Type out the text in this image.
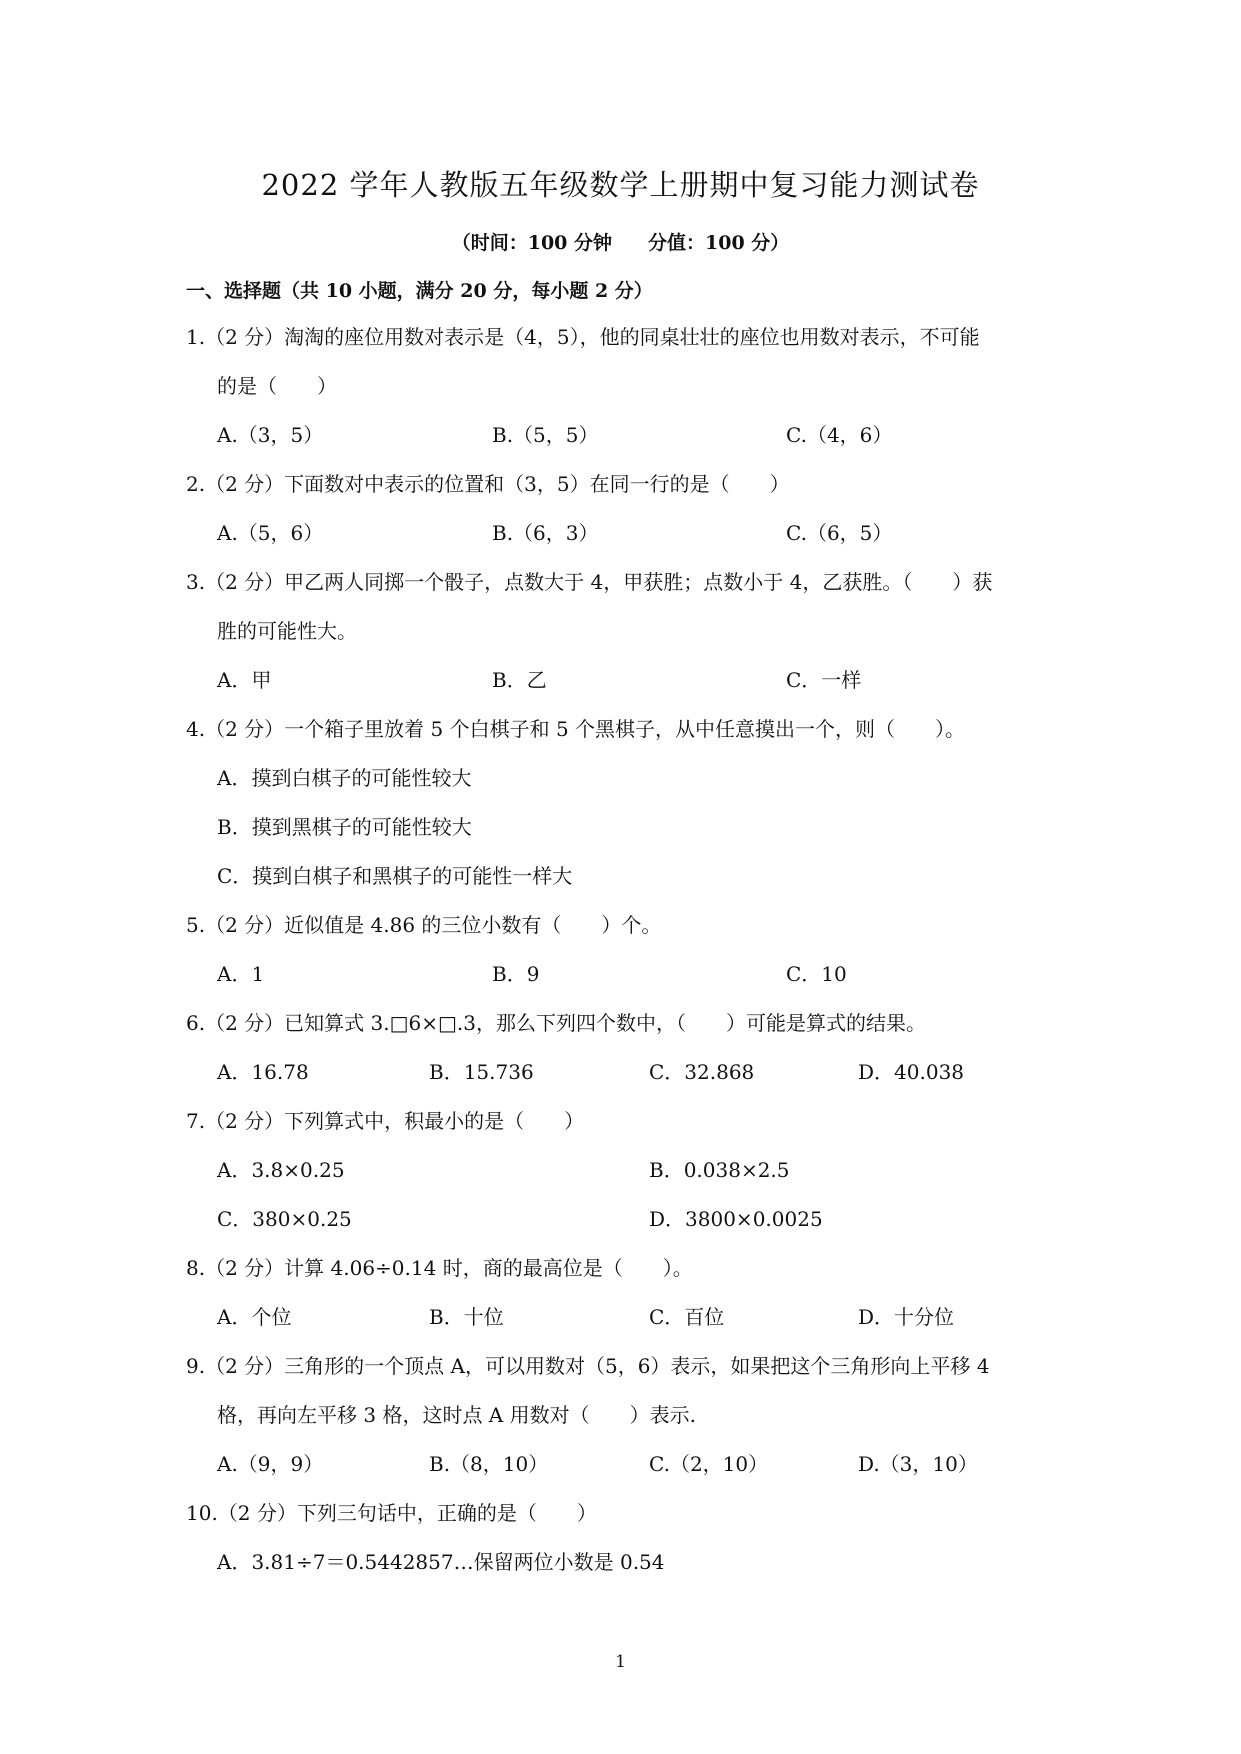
2022 学年人教版五年级数学上册期中复习能力测试卷
（时间：100 分钟 分值：100 分）
一、选择题（共 10 小题，满分 20 分，每小题 2 分）
1.（2 分）淘淘的座位用数对表示是（4，5），他的同桌壮壮的座位也用数对表示，不可能
的是（　　）
A.（3，5）	B.（5，5）	C.（4，6）
2.（2 分）下面数对中表示的位置和（3，5）在同一行的是（　　）
A.（5，6）	B.（6，3）	C.（6，5）
3.（2 分）甲乙两人同掷一个骰子，点数大于 4，甲获胜；点数小于 4，乙获胜。（　　）获
胜的可能性大。
A．甲	B．乙	C．一样
4.（2 分）一个箱子里放着 5 个白棋子和 5 个黑棋子，从中任意摸出一个，则（　　）。
A．摸到白棋子的可能性较大
B．摸到黑棋子的可能性较大
C．摸到白棋子和黑棋子的可能性一样大
5.（2 分）近似值是 4.86 的三位小数有（　　）个。
A．1	B．9	C．10
6.（2 分）已知算式 3.□6×□.3，那么下列四个数中，（　　）可能是算式的结果。
A．16.78	B．15.736	C．32.868	D．40.038
7.（2 分）下列算式中，积最小的是（　　）
A．3.8×0.25	B．0.038×2.5
C．380×0.25	D．3800×0.0025
8.（2 分）计算 4.06÷0.14 时，商的最高位是（　　）。
A．个位	B．十位	C．百位	D．十分位
9.（2 分）三角形的一个顶点 A，可以用数对（5，6）表示，如果把这个三角形向上平移 4
格，再向左平移 3 格，这时点 A 用数对（　　）表示.
A.（9，9）	B.（8，10）	C.（2，10）	D.（3，10）
10.（2 分）下列三句话中，正确的是（　　）
A．3.81÷7＝0.5442857…保留两位小数是 0.54
1
